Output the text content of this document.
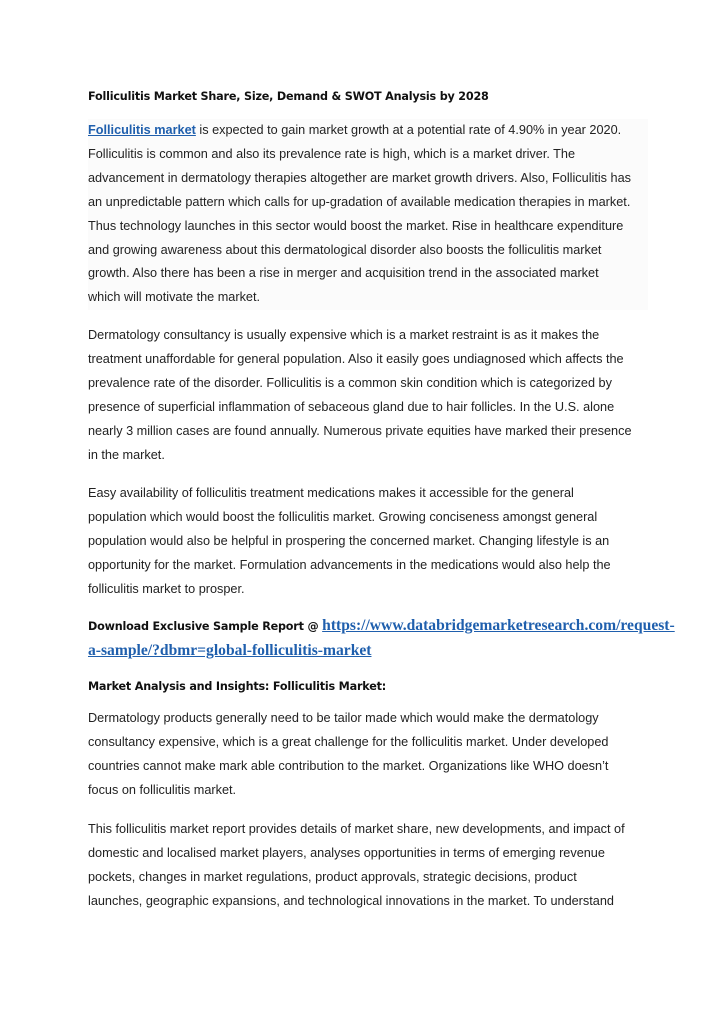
Folliculitis Market Share, Size, Demand & SWOT Analysis by 2028
Folliculitis market is expected to gain market growth at a potential rate of 4.90% in year 2020.
Folliculitis is common and also its prevalence rate is high, which is a market driver. The
advancement in dermatology therapies altogether are market growth drivers. Also, Folliculitis has
an unpredictable pattern which calls for up-gradation of available medication therapies in market.
Thus technology launches in this sector would boost the market. Rise in healthcare expenditure
and growing awareness about this dermatological disorder also boosts the folliculitis market
growth. Also there has been a rise in merger and acquisition trend in the associated market
which will motivate the market.
Dermatology consultancy is usually expensive which is a market restraint is as it makes the
treatment unaffordable for general population. Also it easily goes undiagnosed which affects the
prevalence rate of the disorder. Folliculitis is a common skin condition which is categorized by
presence of superficial inflammation of sebaceous gland due to hair follicles. In the U.S. alone
nearly 3 million cases are found annually. Numerous private equities have marked their presence
in the market.
Easy availability of folliculitis treatment medications makes it accessible for the general
population which would boost the folliculitis market. Growing conciseness amongst general
population would also be helpful in prospering the concerned market. Changing lifestyle is an
opportunity for the market. Formulation advancements in the medications would also help the
folliculitis market to prosper.
Download Exclusive Sample Report @ https://www.databridgemarketresearch.com/request-
a-sample/?dbmr=global-folliculitis-market
Market Analysis and Insights: Folliculitis Market:
Dermatology products generally need to be tailor made which would make the dermatology
consultancy expensive, which is a great challenge for the folliculitis market. Under developed
countries cannot make mark able contribution to the market. Organizations like WHO doesn’t
focus on folliculitis market.
This folliculitis market report provides details of market share, new developments, and impact of
domestic and localised market players, analyses opportunities in terms of emerging revenue
pockets, changes in market regulations, product approvals, strategic decisions, product
launches, geographic expansions, and technological innovations in the market. To understand
